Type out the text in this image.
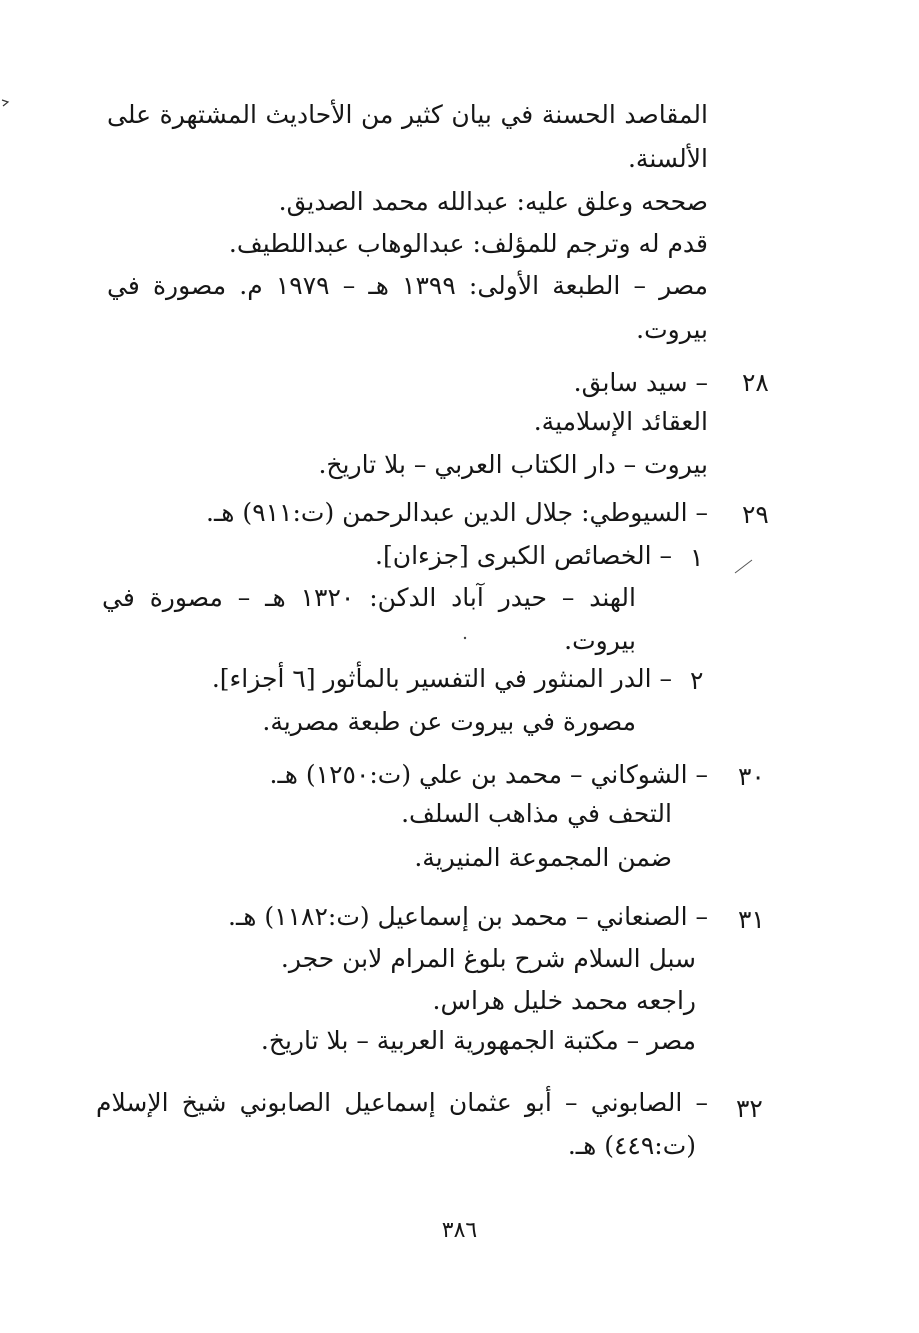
المقاصد الحسنة في بيان كثير من الأحاديث المشتهرة على
الألسنة.
صححه وعلق عليه: عبدالله محمد الصديق.
قدم له وترجم للمؤلف: عبدالوهاب عبداللطيف.
مصر – الطبعة الأولى: ١٣٩٩ هـ – ١٩٧٩ م. مصورة في
بيروت.
٢٨
– سيد سابق.
العقائد الإسلامية.
بيروت – دار الكتاب العربي – بلا تاريخ.
٢٩
– السيوطي: جلال الدين عبدالرحمن (ت:٩١١) هـ.
١
– الخصائص الكبرى [جزءان].
الهند – حيدر آباد الدكن: ١٣٢٠ هـ – مصورة في
بيروت.
٢
– الدر المنثور في التفسير بالمأثور [٦ أجزاء].
مصورة في بيروت عن طبعة مصرية.
٣٠
– الشوكاني – محمد بن علي (ت:١٢٥٠) هـ.
التحف في مذاهب السلف.
ضمن المجموعة المنيرية.
٣١
– الصنعاني – محمد بن إسماعيل (ت:١١٨٢) هـ.
سبل السلام شرح بلوغ المرام لابن حجر.
راجعه محمد خليل هراس.
مصر – مكتبة الجمهورية العربية – بلا تاريخ.
٣٢
– الصابوني – أبو عثمان إسماعيل الصابوني شيخ الإسلام
(ت:٤٤٩) هـ.
٣٨٦
